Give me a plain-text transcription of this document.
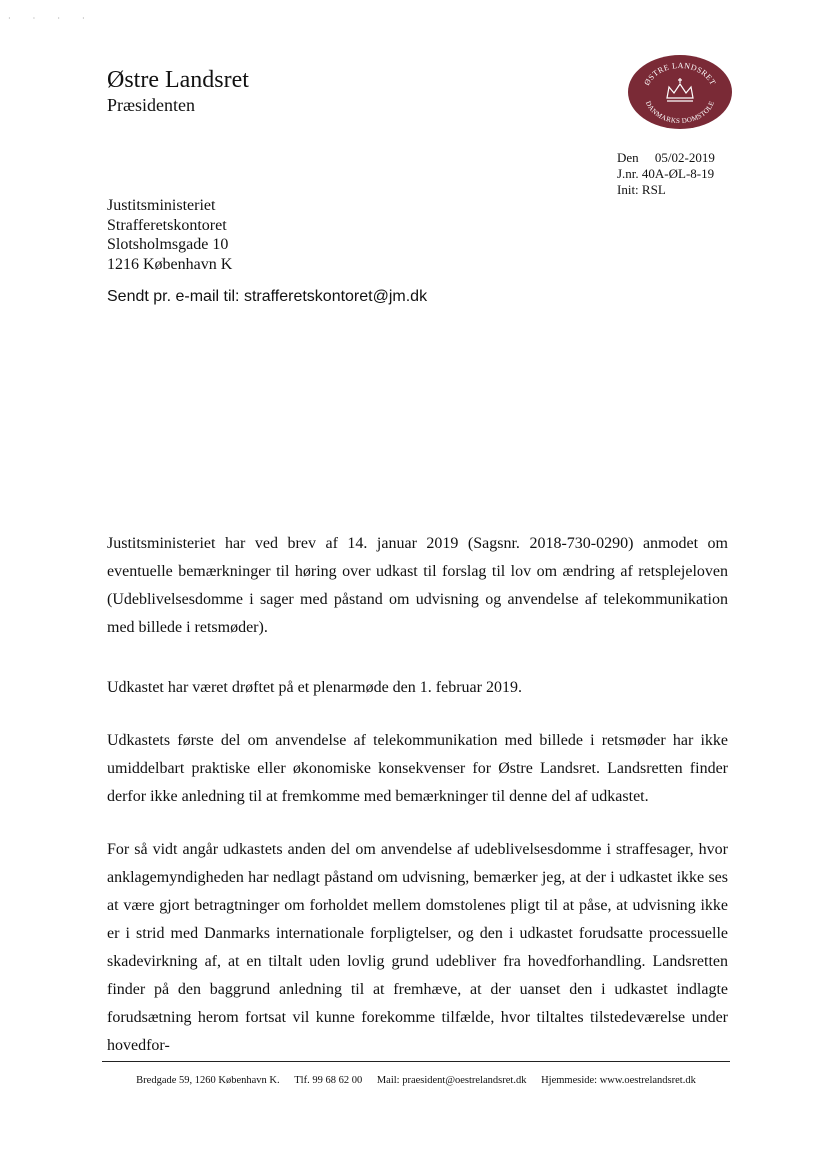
· · · ·
Østre Landsret
Præsidenten
ØSTRE LANDSRET
DANMARKS DOMSTOLE
Den 05/02-2019
J.nr. 40A-ØL-8-19
Init: RSL
Justitsministeriet
Strafferetskontoret
Slotsholmsgade 10
1216 København K
Sendt pr. e-mail til: strafferetskontoret@jm.dk

Justitsministeriet har ved brev af 14. januar 2019 (Sagsnr. 2018-730-0290) anmodet om eventuelle bemærkninger til høring over udkast til forslag til lov om ændring af retsplejeloven (Udeblivelsesdomme i sager med påstand om udvisning og anvendelse af telekommunikation med billede i retsmøder).

Udkastet har været drøftet på et plenarmøde den 1. februar 2019.

Udkastets første del om anvendelse af telekommunikation med billede i retsmøder har ikke umiddelbart praktiske eller økonomiske konsekvenser for Østre Landsret. Landsretten finder derfor ikke anledning til at fremkomme med bemærkninger til denne del af udkastet.

For så vidt angår udkastets anden del om anvendelse af udeblivelsesdomme i straffesager, hvor anklagemyndigheden har nedlagt påstand om udvisning, bemærker jeg, at der i udkastet ikke ses at være gjort betragtninger om forholdet mellem domstolenes pligt til at påse, at udvisning ikke er i strid med Danmarks internationale forpligtelser, og den i udkastet forudsatte processuelle skadevirkning af, at en tiltalt uden lovlig grund udebliver fra hovedforhandling. Landsretten finder på den baggrund anledning til at fremhæve, at der uanset den i udkastet indlagte forudsætning herom fortsat vil kunne forekomme tilfælde, hvor tiltaltes tilstedeværelse under hovedfor-

Bredgade 59, 1260 København K. Tlf. 99 68 62 00 Mail: praesident@oestrelandsret.dk Hjemmeside: www.oestrelandsret.dk
